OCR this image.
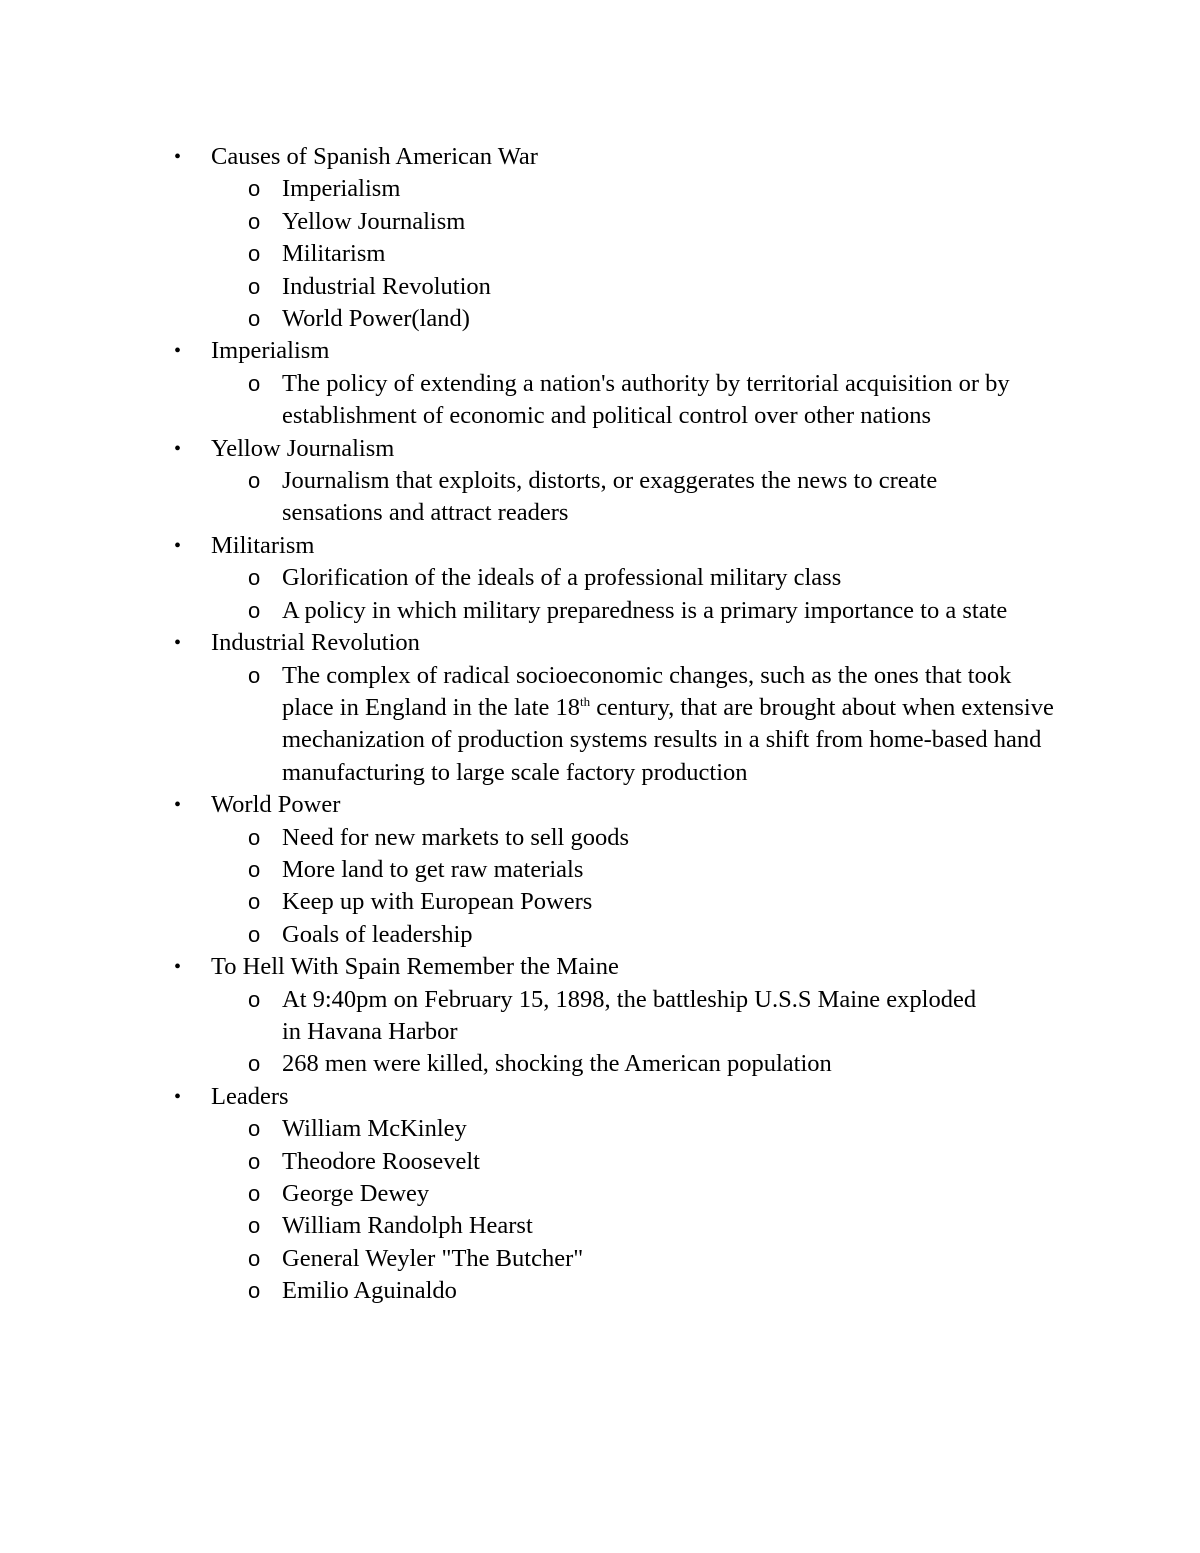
• Causes of Spanish American War
o Imperialism
o Yellow Journalism
o Militarism
o Industrial Revolution
o World Power(land)
• Imperialism
o The policy of extending a nation's authority by territorial acquisition or by establishment of economic and political control over other nations
• Yellow Journalism
o Journalism that exploits, distorts, or exaggerates the news to create sensations and attract readers
• Militarism
o Glorification of the ideals of a professional military class
o A policy in which military preparedness is a primary importance to a state
• Industrial Revolution
o The complex of radical socioeconomic changes, such as the ones that took place in England in the late 18th century, that are brought about when extensive mechanization of production systems results in a shift from home-based hand manufacturing to large scale factory production
• World Power
o Need for new markets to sell goods
o More land to get raw materials
o Keep up with European Powers
o Goals of leadership
• To Hell With Spain Remember the Maine
o At 9:40pm on February 15, 1898, the battleship U.S.S Maine exploded in Havana Harbor
o 268 men were killed, shocking the American population
• Leaders
o William McKinley
o Theodore Roosevelt
o George Dewey
o William Randolph Hearst
o General Weyler "The Butcher"
o Emilio Aguinaldo
